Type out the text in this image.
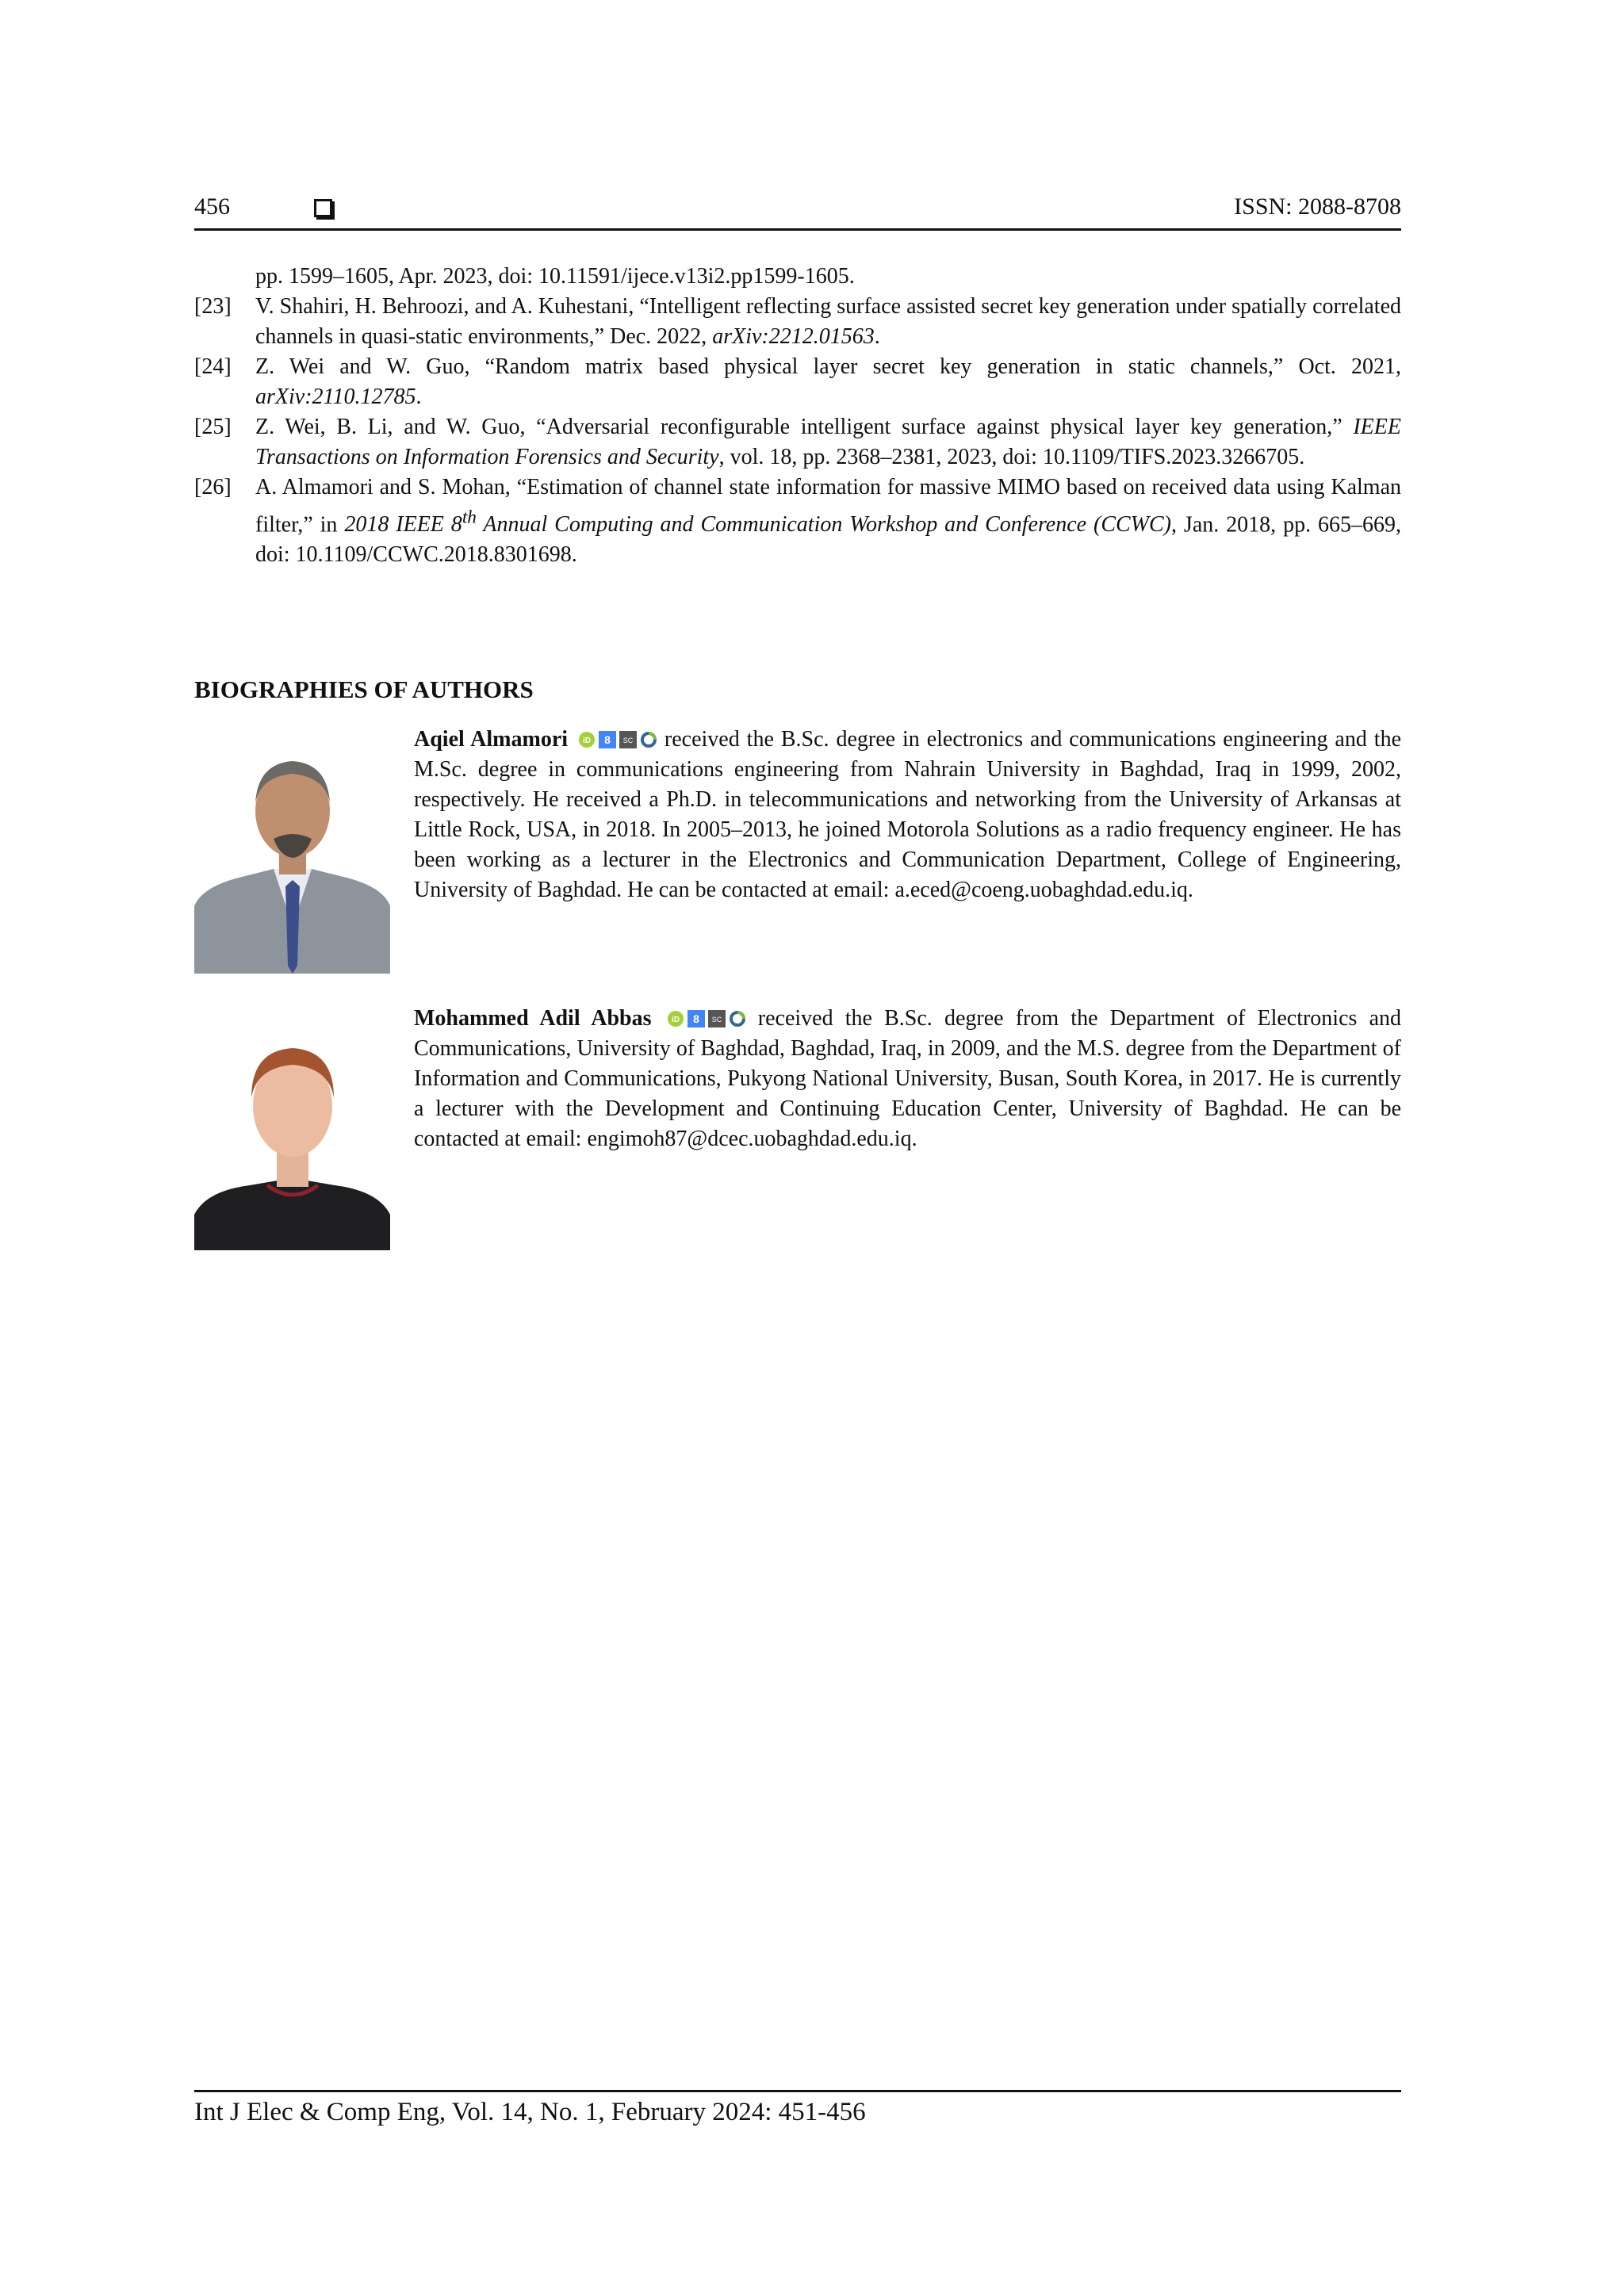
456	ISSN: 2088-8708
pp. 1599–1605, Apr. 2023, doi: 10.11591/ijece.v13i2.pp1599-1605.
[23] V. Shahiri, H. Behroozi, and A. Kuhestani, “Intelligent reflecting surface assisted secret key generation under spatially correlated channels in quasi-static environments,” Dec. 2022, arXiv:2212.01563.
[24] Z. Wei and W. Guo, “Random matrix based physical layer secret key generation in static channels,” Oct. 2021, arXiv:2110.12785.
[25] Z. Wei, B. Li, and W. Guo, “Adversarial reconfigurable intelligent surface against physical layer key generation,” IEEE Transactions on Information Forensics and Security, vol. 18, pp. 2368–2381, 2023, doi: 10.1109/TIFS.2023.3266705.
[26] A. Almamori and S. Mohan, “Estimation of channel state information for massive MIMO based on received data using Kalman filter,” in 2018 IEEE 8th Annual Computing and Communication Workshop and Conference (CCWC), Jan. 2018, pp. 665–669, doi: 10.1109/CCWC.2018.8301698.
BIOGRAPHIES OF AUTHORS
Aqiel Almamori iD 8 SC received the B.Sc. degree in electronics and communications engineering and the M.Sc. degree in communications engineering from Nahrain University in Baghdad, Iraq in 1999, 2002, respectively. He received a Ph.D. in telecommunications and networking from the University of Arkansas at Little Rock, USA, in 2018. In 2005–2013, he joined Motorola Solutions as a radio frequency engineer. He has been working as a lecturer in the Electronics and Communication Department, College of Engineering, University of Baghdad. He can be contacted at email: a.eced@coeng.uobaghdad.edu.iq.
Mohammed Adil Abbas	iD 8 SC received the B.Sc. degree from the Department of Electronics and Communications, University of Baghdad, Baghdad, Iraq, in 2009, and the M.S. degree from the Department of Information and Communications, Pukyong National University, Busan, South Korea, in 2017. He is currently a lecturer with the Development and Continuing Education Center, University of Baghdad. He can be contacted at email: engimoh87@dcec.uobaghdad.edu.iq.
Int J Elec & Comp Eng, Vol. 14, No. 1, February 2024: 451-456
